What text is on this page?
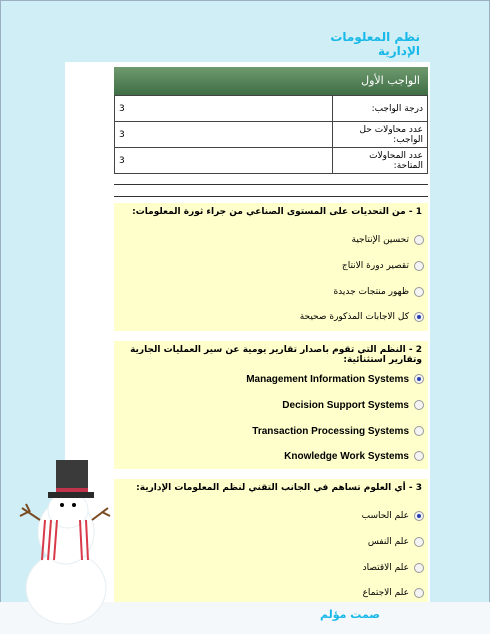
نظم المعلومات الإدارية
الواجب الأول
درجة الواجب:	3
عدد محاولات حل الواجب:	3
عدد المحاولات المتاحة:	3
1 - من التحديات على المستوى الصناعي من جراء ثورة المعلومات:
تحسين الإنتاجية
تقصير دورة الانتاج
ظهور منتجات جديدة
كل الاجابات المذكورة صحيحة
2 - النظم التي تقوم باصدار تقارير يومية عن سير العمليات الجارية وتقارير استثنائية:
Management Information Systems
Decision Support Systems
Transaction Processing Systems
Knowledge Work Systems
3 - أي العلوم تساهم في الجانب التقني لنظم المعلومات الإدارية:
علم الحاسب
علم النفس
علم الاقتصاد
علم الاجتماع
صمت مؤلم
